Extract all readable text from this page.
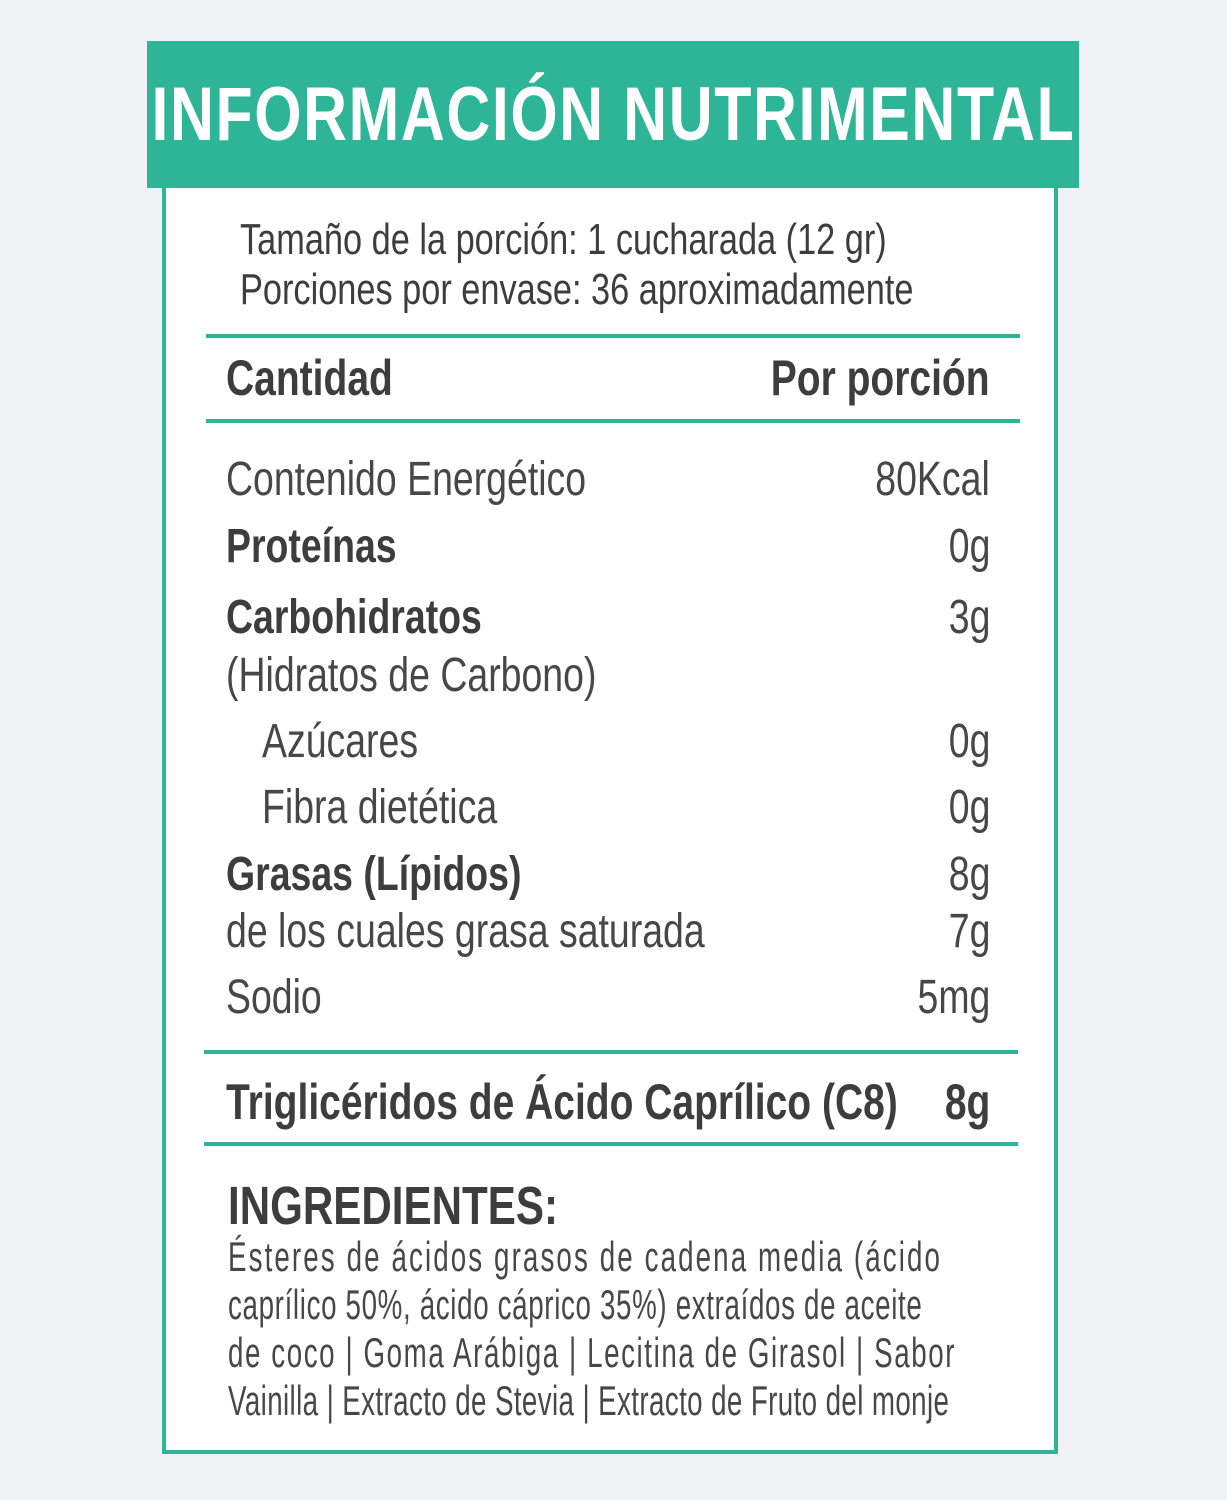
INFORMACIÓN NUTRIMENTAL
Tamaño de la porción: 1 cucharada (12 gr)
Porciones por envase: 36 aproximadamente
Cantidad	Por porción
Contenido Energético	80Kcal
Proteínas	0g
Carbohidratos	3g
(Hidratos de Carbono)
Azúcares	0g
Fibra dietética	0g
Grasas (Lípidos)	8g
de los cuales grasa saturada	7g
Sodio	5mg
Triglicéridos de Ácido Caprílico (C8) 8g
INGREDIENTES:
Ésteres de ácidos grasos de cadena media (ácido
caprílico 50%, ácido cáprico 35%) extraídos de aceite
de coco | Goma Arábiga | Lecitina de Girasol | Sabor
Vainilla | Extracto de Stevia | Extracto de Fruto del monje
